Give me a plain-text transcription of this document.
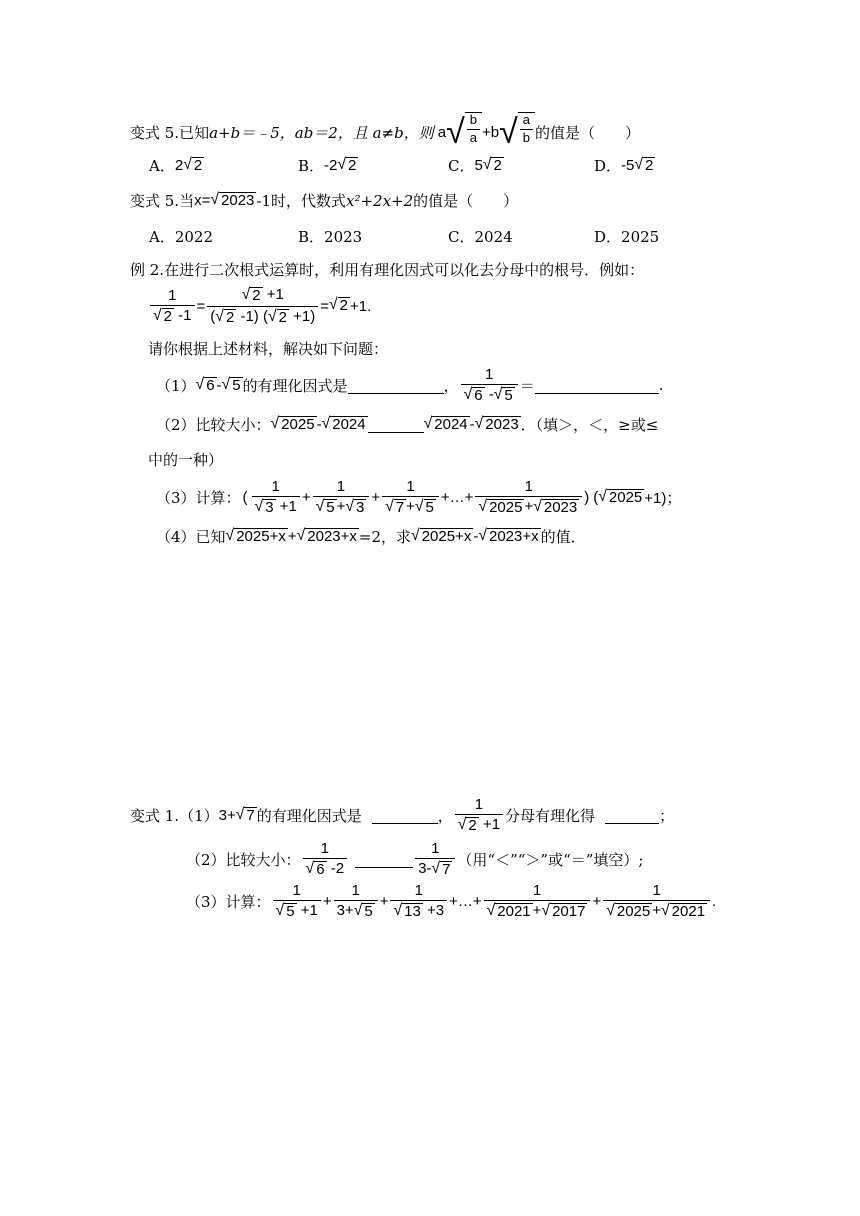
变式 5.已知 a+b＝﹣5，ab＝2，且 a≠b，则 a √ $\frac{b}{a} + b$ √ $\frac{a}{b}$ 的值是（　　）
A． 2 √ 2	B． -2 √ 2	C． 5 √ 2	D． -5 √ 2
变式 5.当 x= √ 2023 -1时，代数式 x²+2x+2 的值是（　　）
A． 2022	B． 2023	C． 2024	D． 2025
例 2.在进行二次根式运算时，利用有理化因式可以化去分母中的根号．例如：
$\frac{1}{√ 2 -1} = \frac{√ 2 +1}{( √ 2 -1) ( √ 2 +1)}$ = √ 2 +1.
请你根据上述材料，解决如下问题：
（1） √ 6 - √ 5 的有理化因式是	， $\frac{1}{√ 6 - √ 5}$ ＝	.
（2）比较大小： √ 2025 - √ 2024	√ 2024 - √ 2023 ．（填＞，＜，≥或≤
中的一种）
（3）计算： ( $\frac{1}{√ 3 +1} + \frac{1}{√ 5 + √ 3} + \frac{1}{√ 7 + √ 5}$ +…+ $\frac{1}{√ 2025 + √ 2023}$ ) ( √ 2025 +1)；
（4）已知 √ 2025+x + √ 2023+x =2，求 √ 2025+x - √ 2023+x 的值．
变式 1.（1） 3+ √ 7 的有理化因式是	， $\frac{1}{√ 2 +1}$ 分母有理化得	；
（2）比较大小： $\frac{1}{√ 6 -2}$	$\frac{1}{3- √ 7}$ （用“＜”“＞”或“＝”填空）;
（3）计算： $\frac{1}{√ 5 +1} + \frac{1}{3+ √ 5} + \frac{1}{√ 13 +3}$ +…+ $\frac{1}{√ 2021 + √ 2017} + \frac{1}{√ 2025 + √ 2021}$ .
